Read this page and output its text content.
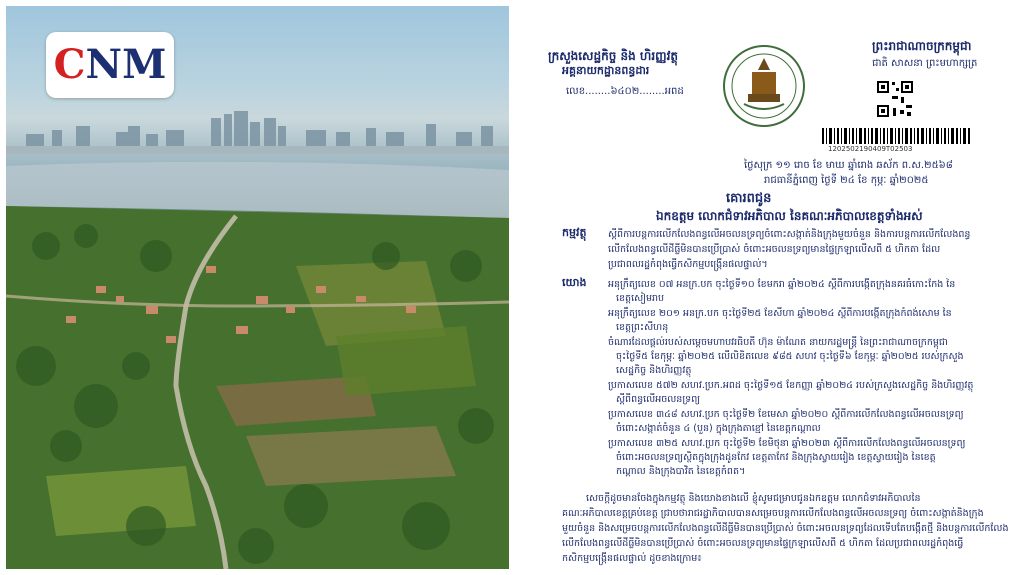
C NM	ក្រសួងសេដ្ឋកិច្ច និង ហិរញ្ញវត្ថុ
អគ្គនាយកដ្ឋានពន្ធដារ
លេខ........៦៤០២........អពដ
ព្រះរាជាណាចក្រកម្ពុជា
ជាតិ សាសនា ព្រះមហាក្សត្រ
1202502190409T02503
ថ្ងៃសុក្រ ១១ រោច ខែ មាឃ ឆ្នាំរោង ឆស័ក ព.ស.២៥៦៨
រាជធានីភ្នំពេញ ថ្ងៃទី ២៤ ខែ កុម្ភៈ ឆ្នាំ២០២៥
គោរពជូន
ឯកឧត្តម លោកជំទាវអភិបាល នៃគណៈអភិបាលខេត្តទាំងអស់
កម្មវត្ថុ ស្តីពីការបន្តការលើកលែងពន្ធលើអចលនទ្រព្យចំពោះសង្កាត់និងក្រុងមួយចំនួន និងការបន្តការលើកលែងពន្ធ
លើកលែងពន្ធលើដីធ្លីមិនបានប្រើប្រាស់ ចំពោះអចលនទ្រព្យមានផ្ទៃក្រឡាលើសពី ៥ ហិកតា ដែល
ប្រជាពលរដ្ឋកំពុងធ្វើកសិកម្មបង្ក្រើនផលផ្ទាល់។
យោង អនុក្រឹត្យលេខ ០៧ អនក្រ.បក ចុះថ្ងៃទី១០ ខែមករា ឆ្នាំ២០២៤ ស្តីពីការបង្កើតក្រុងនគរធំកោះកែង នៃ
ខេត្តសៀមរាប
អនុក្រឹត្យលេខ ២០១ អនក្រ.បក ចុះថ្ងៃទី២៥ ខែសីហា ឆ្នាំ២០២៤ ស្តីពីការបង្កើតក្រុងកំពង់សោម នៃ
ខេត្តព្រះសីហនុ
ចំណារដែលផ្តល់របស់សម្តេចមហាបវរធិបតី ហ៊ុន ម៉ាណែត នាយករដ្ឋមន្ត្រី នៃព្រះរាជាណាចក្រកម្ពុជា
ចុះថ្ងៃទី៥ ខែកុម្ភៈ ឆ្នាំ២០២៥ លើលិខិតលេខ ៩៨៥ សហវ ចុះថ្ងៃទី៦ ខែកុម្ភៈ ឆ្នាំ២០២៥ របស់ក្រសួង
សេដ្ឋកិច្ច និងហិរញ្ញវត្ថុ
ប្រកាសលេខ ៥៧២ សហវ.ប្រក.អពដ ចុះថ្ងៃទី១៥ ខែកញ្ញា ឆ្នាំ២០២៤ របស់ក្រសួងសេដ្ឋកិច្ច និងហិរញ្ញវត្ថុ
ស្តីពីពន្ធលើអចលនទ្រព្យ
ប្រកាសលេខ ៣៤៨ សហវ.ប្រក ចុះថ្ងៃទី២ ខែមេសា ឆ្នាំ២០២០ ស្តីពីការលើកលែងពន្ធលើអចលនទ្រព្យ
ចំពោះសង្កាត់ចំនួន ៤ (បួន) ក្នុងក្រុងតាខ្មៅ នៃខេត្តកណ្តាល
ប្រកាសលេខ ៣២៥ សហវ.ប្រក ចុះថ្ងៃទី២ ខែមិថុនា ឆ្នាំ២០២៣ ស្តីពីការលើកលែងពន្ធលើអចលនទ្រព្យ
ចំពោះអចលនទ្រព្យស្ថិតក្នុងក្រុងដូនកែវ ខេត្តតាកែវ និងក្រុងស្វាយរៀង ខេត្តស្វាយរៀង នៃខេត្ត
កណ្តាល និងក្រុងបាវិត នៃខេត្តកំពត។
សេចក្តីដូចមានចែងក្នុងកម្មវត្ថុ និងយោងខាងលើ ខ្ញុំសូមជម្រាបជូនឯកឧត្តម លោកជំទាវអភិបាលនៃ
គណៈអភិបាលខេត្តគ្រប់ខេត្ត ជ្រាបថារាជរដ្ឋាភិបាលបានសម្រេចបន្តការលើកលែងពន្ធលើអចលនទ្រព្យ ចំពោះសង្កាត់និងក្រុង
មួយចំនួន និងសម្រេចបន្តការលើកលែងពន្ធលើដីធ្លីមិនបានប្រើប្រាស់ ចំពោះអចលនទ្រព្យដែលទើបតែបង្កើតថ្មី និងបន្តការលើកលែង
លើកលែងពន្ធលើដីធ្លីមិនបានប្រើប្រាស់ ចំពោះអចលនទ្រព្យមានផ្ទៃក្រឡាលើសពី ៥ ហិកតា ដែលប្រជាពលរដ្ឋកំពុងធ្វើ
កសិកម្មបង្ក្រើនផលផ្ទាល់ ដូចខាងក្រោម៖
